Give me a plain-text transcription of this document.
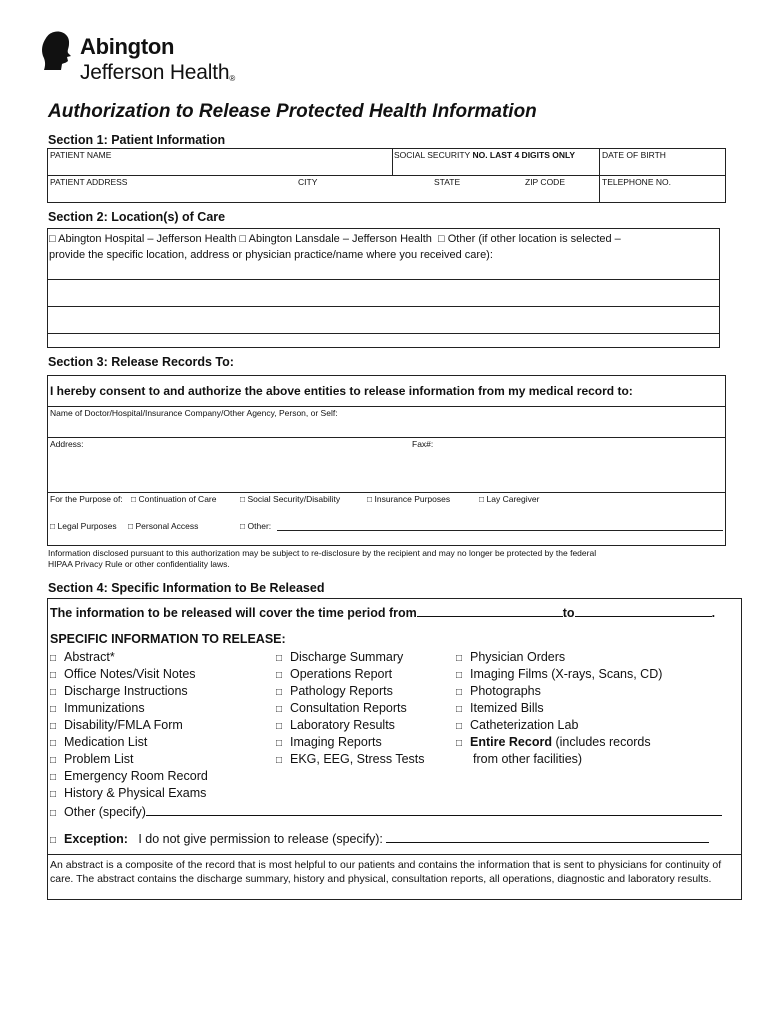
Abington
Jefferson Health®
Authorization to Release Protected Health Information
Section 1: Patient Information
PATIENT NAME	SOCIAL SECURITY NO. LAST 4 DIGITS ONLY	DATE OF BIRTH
PATIENT ADDRESS	CITY	STATE	ZIP CODE	TELEPHONE NO.
Section 2: Location(s) of Care
□ Abington Hospital – Jefferson Health □ Abington Lansdale – Jefferson Health □ Other (if other location is selected –
provide the specific location, address or physician practice/name where you received care):
Section 3: Release Records To:
I hereby consent to and authorize the above entities to release information from my medical record to:
Name of Doctor/Hospital/Insurance Company/Other Agency, Person, or Self:
Address:	Fax#:
For the Purpose of: □ Continuation of Care	□ Social Security/Disability	□ Insurance Purposes	□ Lay Caregiver
□ Legal Purposes □ Personal Access	□ Other:
Information disclosed pursuant to this authorization may be subject to re-disclosure by the recipient and may no longer be protected by the federal
HIPAA Privacy Rule or other confidentiality laws.
Section 4: Specific Information to Be Released
The information to be released will cover the time period from	to	.
SPECIFIC INFORMATION TO RELEASE:
□ Abstract*
□ Office Notes/Visit Notes
□ Discharge Instructions
□ Immunizations
□ Disability/FMLA Form
□ Medication List
□ Problem List
□ Emergency Room Record
□ History & Physical Exams
□ Other (specify)
□ Discharge Summary
□ Operations Report
□ Pathology Reports
□ Consultation Reports
□ Laboratory Results
□ Imaging Reports
□ EKG, EEG, Stress Tests
□ Physician Orders
□ Imaging Films (X-rays, Scans, CD)
□ Photographs
□ Itemized Bills
□ Catheterization Lab
□ Entire Record (includes records
from other facilities)
□ Exception: I do not give permission to release (specify):
An abstract is a composite of the record that is most helpful to our patients and contains the information that is sent to physicians for continuity of care. The abstract contains the discharge summary, history and physical, consultation reports, all operations, diagnostic and laboratory results.
